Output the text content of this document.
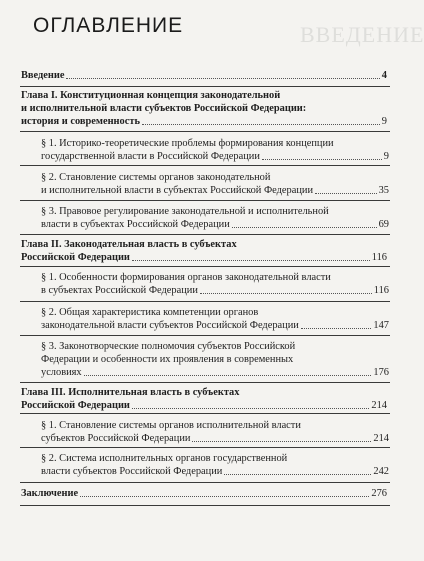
ВВЕДЕНИЕ
ОГЛАВЛЕНИЕ
Введение	4
Глава I. Конституционная концепция законодательной
и исполнительной власти субъектов Российской Федерации:
история и современность	9
§ 1. Историко-теоретические проблемы формирования концепции
государственной власти в Российской Федерации	9
§ 2. Становление системы органов законодательной
и исполнительной власти в субъектах Российской Федерации	35
§ 3. Правовое регулирование законодательной и исполнительной
власти в субъектах Российской Федерации	69
Глава II. Законодательная власть в субъектах
Российской Федерации	116
§ 1. Особенности формирования органов законодательной власти
в субъектах Российской Федерации	116
§ 2. Общая характеристика компетенции органов
законодательной власти субъектов Российской Федерации	147
§ 3. Законотворческие полномочия субъектов Российской
Федерации и особенности их проявления в современных
условиях	176
Глава III. Исполнительная власть в субъектах
Российской Федерации	214
§ 1. Становление системы органов исполнительной власти
субъектов Российской Федерации	214
§ 2. Система исполнительных органов государственной
власти субъектов Российской Федерации	242
Заключение	276
